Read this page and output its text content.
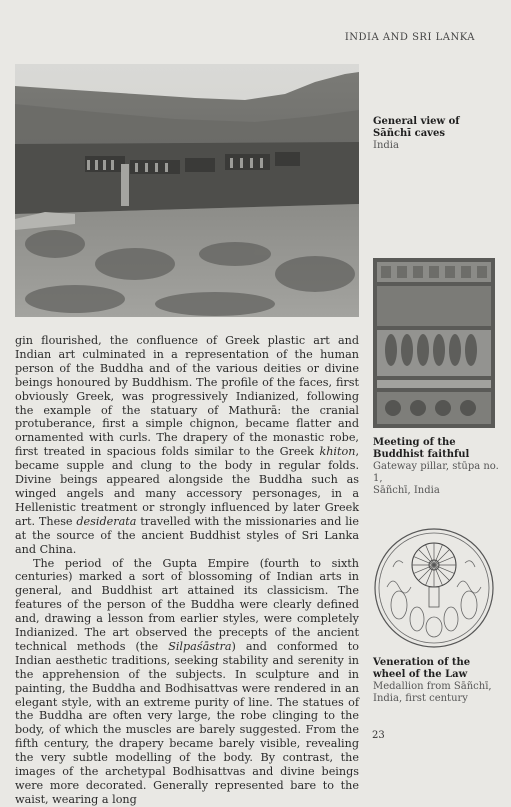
INDIA AND SRI LANKA
General view of
Sāñchī caves
India
Meeting of the
Buddhist faithful
Gateway pillar, stūpa no. 1,
Sāñchī, India
Veneration of the
wheel of the Law
Medallion from Sāñchī,
India, first century

gin flourished, the confluence of Greek plastic art and Indian art culminated in a representation of the human person of the Buddha and of the various deities or divine beings honoured by Buddhism. The profile of the faces, first obviously Greek, was progressively Indianized, following the example of the statuary of Mathurā: the cranial protuberance, first a simple chignon, became flatter and ornamented with curls. The drapery of the monastic robe, first treated in spacious folds similar to the Greek khiton, became supple and clung to the body in regular folds. Divine beings appeared alongside the Buddha such as winged angels and many accessory personages, in a Hellenistic treatment or strongly influenced by later Greek art. These desiderata travelled with the missionaries and lie at the source of the ancient Buddhist styles of Sri Lanka and China.

The period of the Gupta Empire (fourth to sixth centuries) marked a sort of blossoming of Indian arts in general, and Buddhist art attained its classicism. The features of the person of the Buddha were clearly defined and, drawing a lesson from earlier styles, were completely Indianized. The art observed the precepts of the ancient technical methods (the Silpaśāstra) and conformed to Indian aesthetic traditions, seeking stability and serenity in the apprehension of the subjects. In sculpture and in painting, the Buddha and Bodhisattvas were rendered in an elegant style, with an extreme purity of line. The statues of the Buddha are often very large, the robe clinging to the body, of which the muscles are barely suggested. From the fifth century, the drapery became barely visible, revealing the very subtle modelling of the body. By contrast, the images of the archetypal Bodhisattvas and divine beings were more decorated. Generally represented bare to the waist, wearing a long

23
